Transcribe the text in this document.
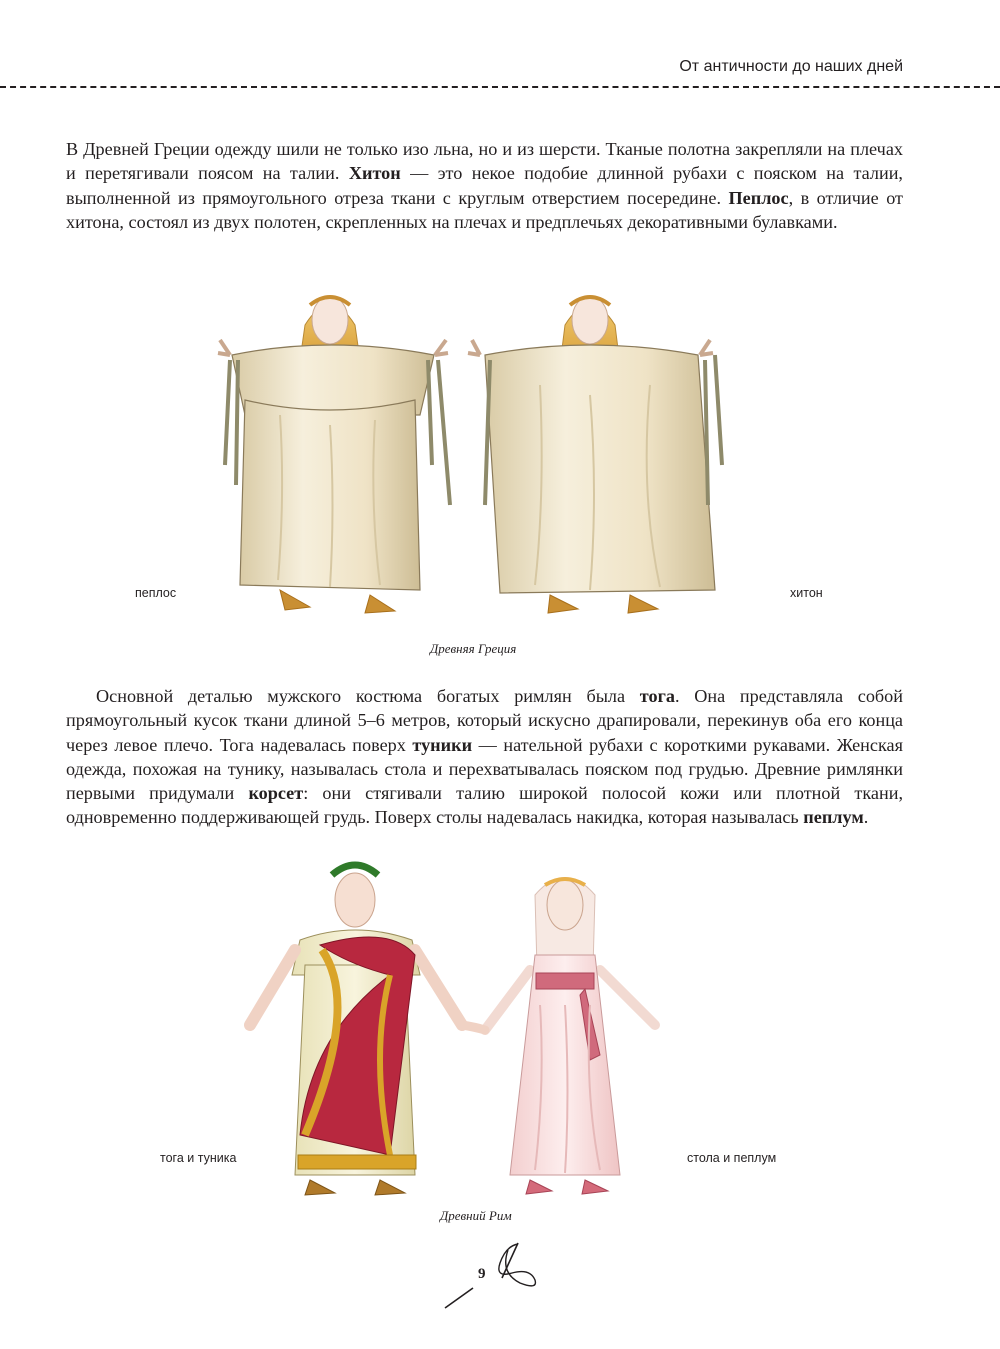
От античности до наших дней

В Древней Греции одежду шили не только изо льна, но и из шерсти. Тканые полотна закрепляли на плечах и перетягивали поясом на талии. Хитон — это некое подобие длинной рубахи с пояском на талии, выполненной из прямоугольного отреза ткани с круглым отверстием посередине. Пеплос, в отличие от хитона, состоял из двух полотен, скрепленных на плечах и предплечьях декоративными булавками.

пеплос	хитон
Древняя Греция

Основной деталью мужского костюма богатых римлян была тога. Она представляла собой прямоугольный кусок ткани длиной 5–6 метров, который искусно драпировали, перекинув оба его конца через левое плечо. Тога надевалась поверх туники — нательной рубахи с короткими рукавами. Женская одежда, похожая на тунику, называлась стола и перехватывалась пояском под грудью. Древние римлянки первыми придумали корсет: они стягивали талию широкой полосой кожи или плотной ткани, одновременно поддерживающей грудь. Поверх столы надевалась накидка, которая называлась пеплум.

тога и туника	стола и пеплум
Древний Рим
9
